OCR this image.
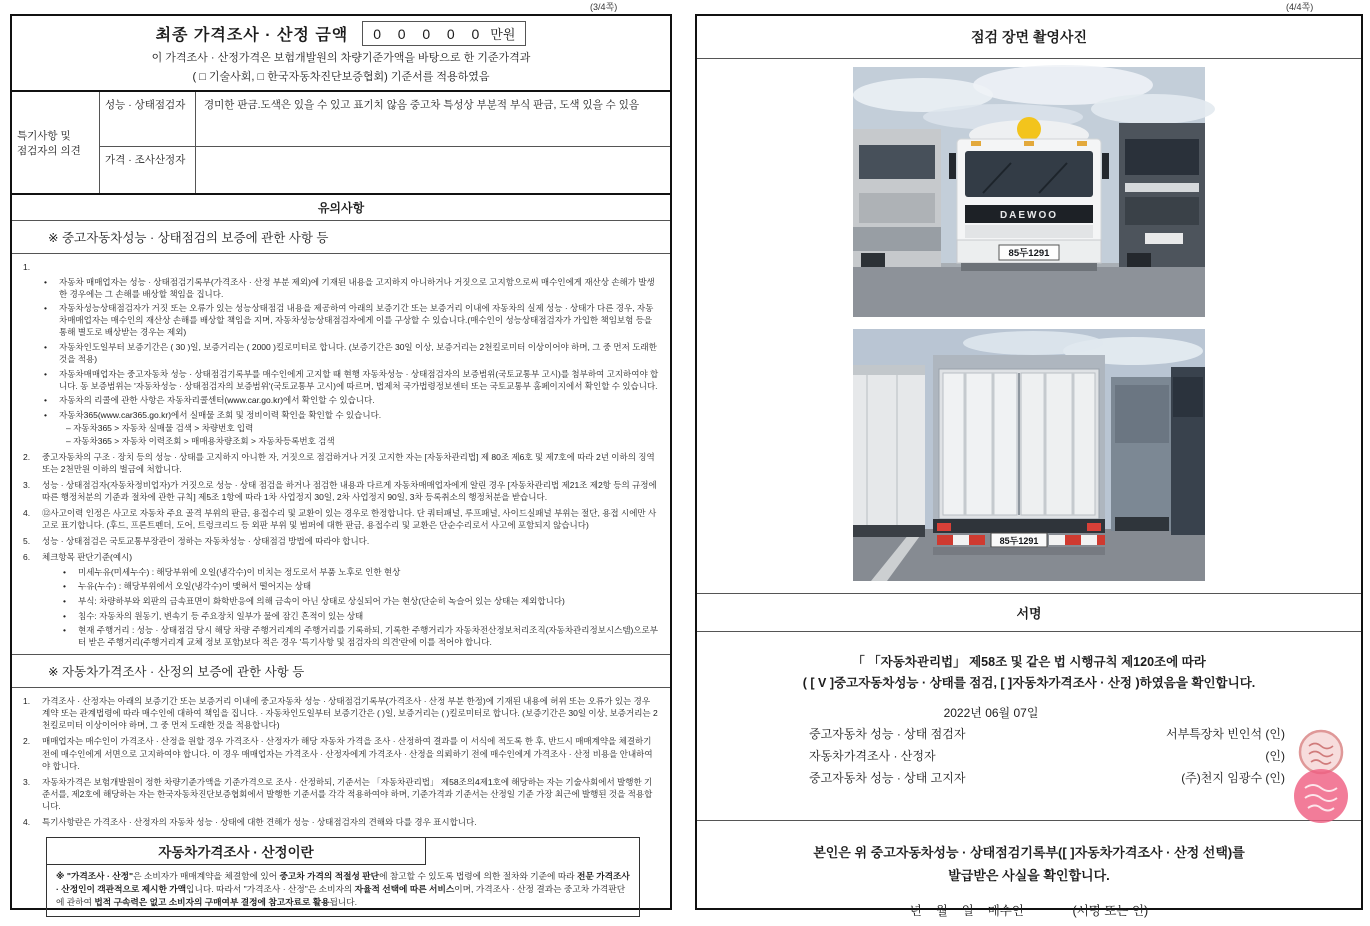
(3/4쪽)	(4/4쪽)
최종 가격조사 · 산정 금액 0  0  0  0  0 만원
이 가격조사 · 산정가격은 보험개발원의 차량기준가액을 바탕으로 한 기준가격과
( □ 기술사회, □ 한국자동차진단보증협회) 기준서를 적용하였음
특기사항 및
점검자의 의견
성능 · 상태점검자	경미한 판금.도색은 있을 수 있고 표기치 않음 중고차 특성상 부분적 부식 판금, 도색 있을 수 있음
가격 · 조사산정자
유의사항
※ 중고자동차성능 · 상태점검의 보증에 관한 사항 등
1.
•	자동차 매매업자는 성능 · 상태점검기록부(가격조사 · 산정 부분 제외)에 기재된 내용을 고지하지 아니하거나 거짓으로 고지함으로써 매수인에게 재산상 손해가 발생한 경우에는 그 손해를 배상할 책임을 집니다.
•	자동차성능상태점검자가 거짓 또는 오류가 있는 성능상태점검 내용을 제공하여 아래의 보증기간 또는 보증거리 이내에 자동차의 실제 성능 · 상태가 다른 경우, 자동차매매업자는 매수인의 재산상 손해를 배상할 책임을 지며, 자동차성능상태점검자에게 이를 구상할 수 있습니다.(매수인이 성능상태점검자가 가입한 책임보험 등을 통해 별도로 배상받는 경우는 제외)
•	자동차인도일부터 보증기간은 ( 30 )일, 보증거리는 ( 2000 )킬로미터로 합니다. (보증기간은 30일 이상, 보증거리는 2천킬로미터 이상이어야 하며, 그 중 먼저 도래한 것을 적용)
•	자동차매매업자는 중고자동차 성능 · 상태점검기록부를 매수인에게 고지할 때 현행 자동차성능 · 상태점검자의 보증범위(국토교통부 고시)를 첨부하여 고지하여야 합니다. 동 보증범위는 '자동차성능 · 상태점검자의 보증범위'(국토교통부 고시)에 따르며, 법제처 국가법령정보센터 또는 국토교통부 홈페이지에서 확인할 수 있습니다.
•	자동차의 리콜에 관한 사항은 자동차리콜센터(www.car.go.kr)에서 확인할 수 있습니다.
•	자동차365(www.car365.go.kr)에서 실매물 조회 및 정비이력 확인을 확인할 수 있습니다.
– 자동차365 > 자동차 실매물 검색 > 차량번호 입력
– 자동차365 > 자동차 이력조회 > 매매용차량조회 > 자동차등록번호 검색
2.	중고자동차의 구조 · 장치 등의 성능 · 상태를 고지하지 아니한 자, 거짓으로 점검하거나 거짓 고지한 자는 [자동차관리법] 제 80조 제6호 및 제7호에 따라 2년 이하의 징역 또는 2천만원 이하의 벌금에 처합니다.
3.	성능 · 상태점검자(자동차정비업자)가 거짓으로 성능 · 상태 점검을 하거나 점검한 내용과 다르게 자동차매매업자에게 알린 경우 [자동차관리법 제21조 제2항 등의 규정에 따른 행정처분의 기준과 절차에 관한 규칙] 제5조 1항에 따라 1차 사업정지 30일, 2차 사업정지 90일, 3차 등록취소의 행정처분을 받습니다.
4.	⑫사고이력 인정은 사고로 자동차 주요 골격 부위의 판금, 용접수리 및 교환이 있는 경우로 한정합니다. 단 쿼터패널, 루프패널, 사이드실패널 부위는 절단, 용접 시에만 사고로 표기합니다. (후드, 프론트펜더, 도어, 트렁크리드 등 외판 부위 및 범퍼에 대한 판금, 용접수리 및 교환은 단순수리로서 사고에 포함되지 않습니다)
5.	성능 · 상태점검은 국토교통부장관이 정하는 자동차성능 · 상태점검 방법에 따라야 합니다.
6.	체크항목 판단기준(예시)
•	미세누유(미세누수) : 해당부위에 오일(냉각수)이 비치는 정도로서 부품 노후로 인한 현상
•	누유(누수) : 해당부위에서 오일(냉각수)이 맺혀서 떨어지는 상태
•	부식: 차량하부와 외판의 금속표면이 화학반응에 의해 금속이 아닌 상태로 상실되어 가는 현상(단순히 녹슬어 있는 상태는 제외합니다)
•	침수: 자동차의 원동기, 변속기 등 주요장치 일부가 물에 잠긴 흔적이 있는 상태
•	현재 주행거리 : 성능 · 상태점검 당시 해당 차량 주행거리계의 주행거리를 기록하되, 기록한 주행거리가 자동차전산정보처리조직(자동차관리정보시스템)으로부터 받은 주행거리(주행거리계 교체 정보 포함)보다 적은 경우 '특기사항 및 점검자의 의견'란에 이를 적어야 합니다.
※ 자동차가격조사 · 산정의 보증에 관한 사항 등
1.	가격조사 · 산정자는 아래의 보증기간 또는 보증거리 이내에 중고자동차 성능 · 상태점검기록부(가격조사 · 산정 부분 한정)에 기재된 내용에 허위 또는 오류가 있는 경우 계약 또는 관계법령에 따라 매수인에 대하여 책임을 집니다. · 자동차인도일부터 보증기간은 ( )일, 보증거리는 ( )킬로미터로 합니다. (보증기간은 30일 이상, 보증거리는 2천킬로미터 이상이어야 하며, 그 중 먼저 도래한 것을 적용합니다)
2.	매매업자는 매수인이 가격조사 · 산정을 원할 경우 가격조사 · 산정자가 해당 자동차 가격을 조사 · 산정하여 결과를 이 서식에 적도록 한 후, 반드시 매매계약을 체결하기 전에 매수인에게 서면으로 고지하여야 합니다. 이 경우 매매업자는 가격조사 · 산정자에게 가격조사 · 산정을 의뢰하기 전에 매수인에게 가격조사 · 산정 비용을 안내하여야 합니다.
3.	자동차가격은 보험개발원이 정한 차량기준가액을 기준가격으로 조사 · 산정하되, 기준서는 「자동차관리법」 제58조의4제1호에 해당하는 자는 기술사회에서 발행한 기준서를, 제2호에 해당하는 자는 한국자동차진단보증협회에서 발행한 기준서를 각각 적용하여야 하며, 기준가격과 기준서는 산정일 기준 가장 최근에 발행된 것을 적용합니다.
4.	특기사항란은 가격조사 · 산정자의 자동차 성능 · 상태에 대한 견해가 성능 · 상태점검자의 견해와 다를 경우 표시합니다.
자동차가격조사 · 산정이란
※ "가격조사 · 산정"은 소비자가 매매계약을 체결함에 있어 중고차 가격의 적절성 판단에 참고할 수 있도록 법령에 의한 절차와 기준에 따라 전문 가격조사 · 산정인이 객관적으로 제시한 가액입니다. 따라서 "가격조사 · 산정"은 소비자의 자율적 선택에 따른 서비스이며, 가격조사 · 산정 결과는 중고차 가격판단에 관하여 법적 구속력은 없고 소비자의 구매여부 결정에 참고자료로 활용됩니다.
점검 장면 촬영사진
DAEWOO
85두1291
85두1291
서명
「 「자동차관리법」 제58조 및 같은 법 시행규칙 제120조에 따라
( [ V ]중고자동차성능 · 상태를 점검, [ ]자동차가격조사 · 산정 )하였음을 확인합니다.
2022년 06월 07일
중고자동차 성능 · 상태 점검자	서부특장차 빈인석 (인)
자동차가격조사 · 산정자	(인)
중고자동차 성능 · 상태 고지자	(주)천지 임광수 (인)
본인은 위 중고자동차성능 · 상태점검기록부([ ]자동차가격조사 · 산정 선택)를
발급받은 사실을 확인합니다.
년    월    일    매수인              (서명 또는 인)
